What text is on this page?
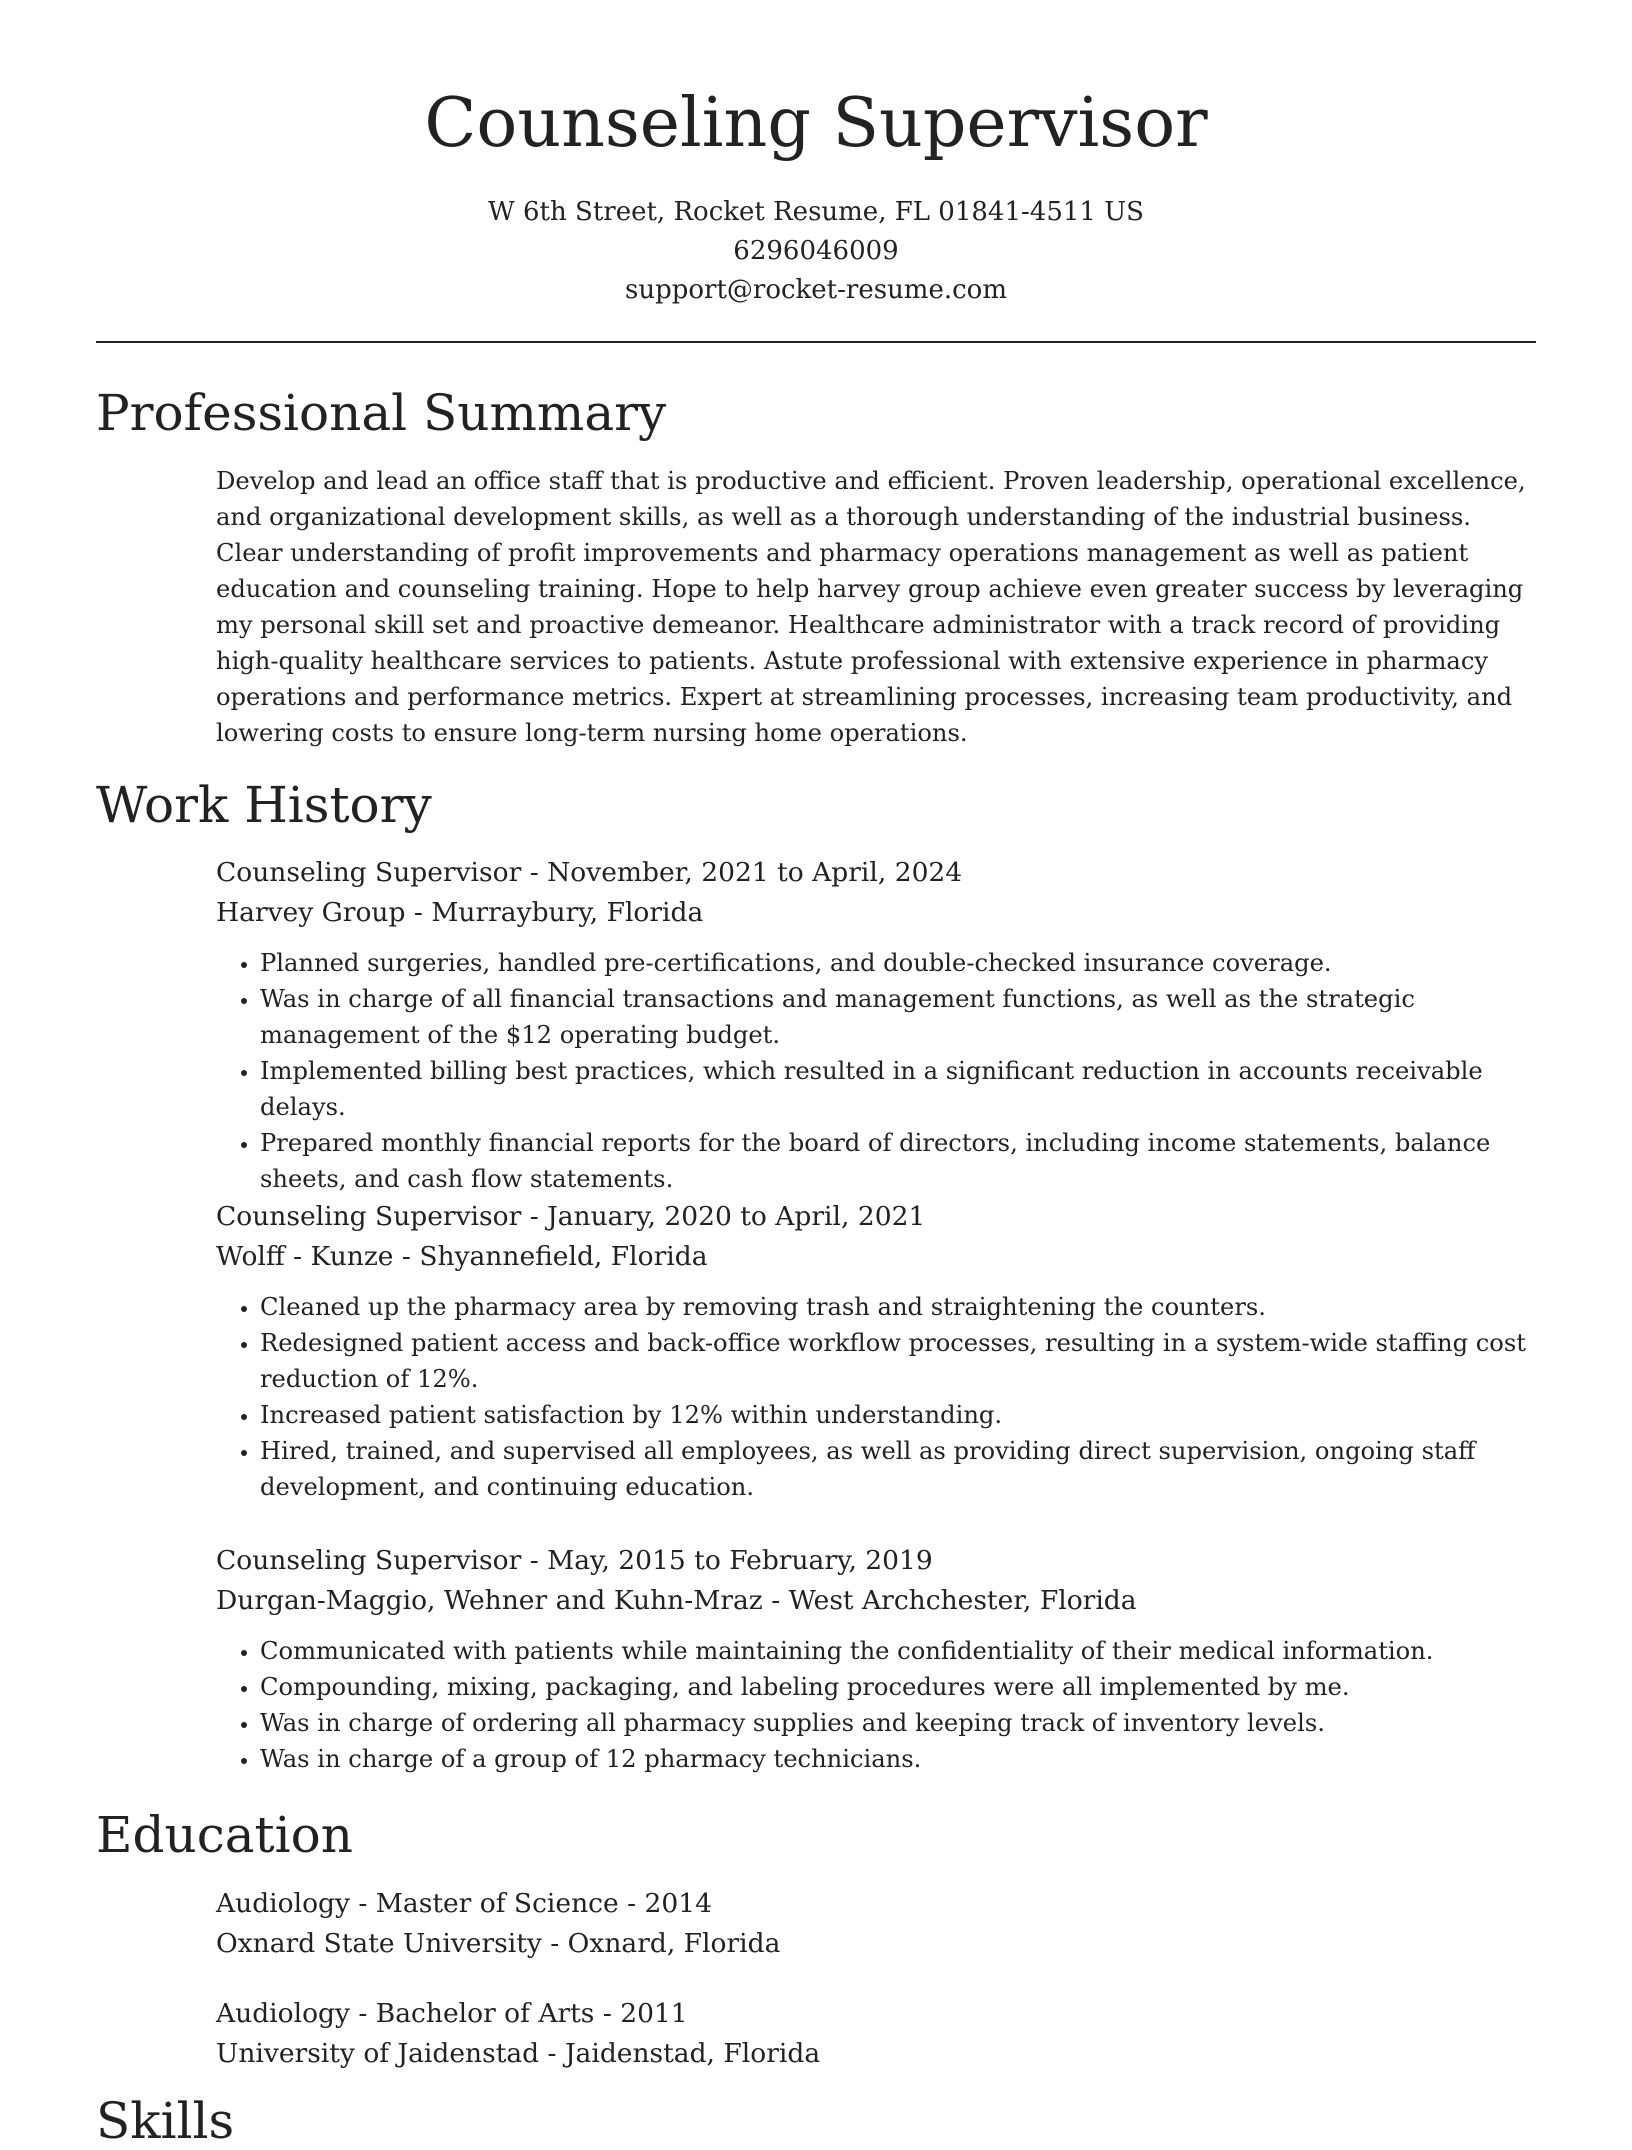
Counseling Supervisor
W 6th Street, Rocket Resume, FL 01841-4511 US
6296046009
support@rocket-resume.com
Professional Summary

Develop and lead an office staff that is productive and efficient. Proven leadership, operational excellence, and organizational development skills, as well as a thorough understanding of the industrial business. Clear understanding of profit improvements and pharmacy operations management as well as patient education and counseling training. Hope to help harvey group achieve even greater success by leveraging my personal skill set and proactive demeanor. Healthcare administrator with a track record of providing high-quality healthcare services to patients. Astute professional with extensive experience in pharmacy operations and performance metrics. Expert at streamlining processes, increasing team productivity, and lowering costs to ensure long-term nursing home operations.

Work History
Counseling Supervisor - November, 2021 to April, 2024
Harvey Group - Murraybury, Florida
• Planned surgeries, handled pre-certifications, and double-checked insurance coverage.
• Was in charge of all financial transactions and management functions, as well as the strategic management of the $12 operating budget.
• Implemented billing best practices, which resulted in a significant reduction in accounts receivable delays.
• Prepared monthly financial reports for the board of directors, including income statements, balance sheets, and cash flow statements.
Counseling Supervisor - January, 2020 to April, 2021
Wolff - Kunze - Shyannefield, Florida
• Cleaned up the pharmacy area by removing trash and straightening the counters.
• Redesigned patient access and back-office workflow processes, resulting in a system-wide staffing cost reduction of 12%.
• Increased patient satisfaction by 12% within understanding.
• Hired, trained, and supervised all employees, as well as providing direct supervision, ongoing staff development, and continuing education.
Counseling Supervisor - May, 2015 to February, 2019
Durgan-Maggio, Wehner and Kuhn-Mraz - West Archchester, Florida
• Communicated with patients while maintaining the confidentiality of their medical information.
• Compounding, mixing, packaging, and labeling procedures were all implemented by me.
• Was in charge of ordering all pharmacy supplies and keeping track of inventory levels.
• Was in charge of a group of 12 pharmacy technicians.
Education
Audiology - Master of Science - 2014
Oxnard State University - Oxnard, Florida
Audiology - Bachelor of Arts - 2011
University of Jaidenstad - Jaidenstad, Florida
Skills
